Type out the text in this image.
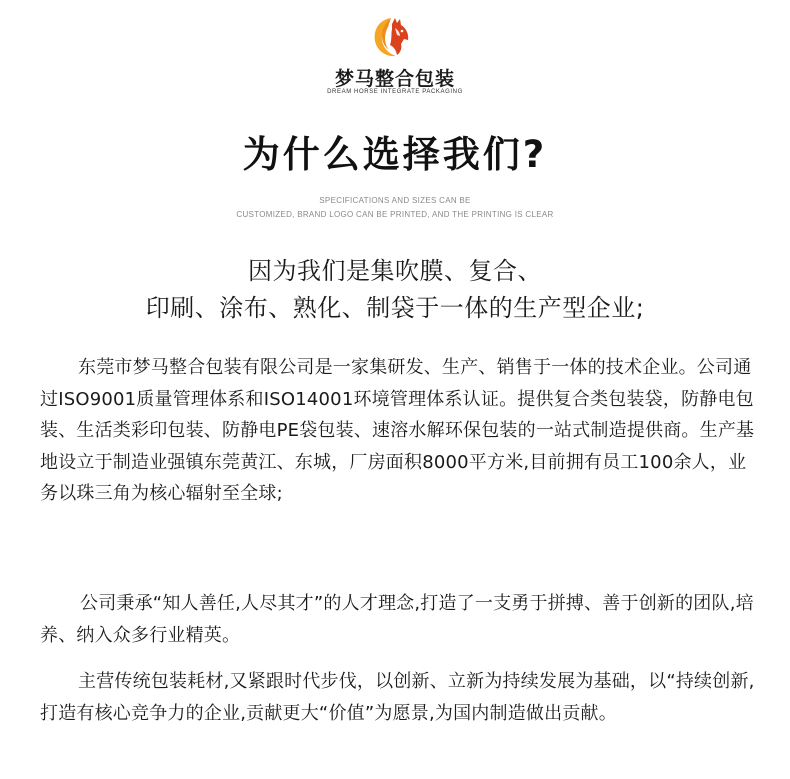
梦马整合包装
DREAM HORSE INTEGRATE PACKAGING
为什么选择我们?
SPECIFICATIONS AND SIZES CAN BE
CUSTOMIZED, BRAND LOGO CAN BE PRINTED, AND THE PRINTING IS CLEAR
因为我们是集吹膜、复合、
印刷、涂布、熟化、制袋于一体的生产型企业;

东莞市梦马整合包装有限公司是一家集研发、生产、销售于一体的技术企业。公司通过ISO9001质量管理体系和ISO14001环境管理体系认证。提供复合类包装袋，防静电包装、生活类彩印包装、防静电PE袋包装、速溶水解环保包装的一站式制造提供商。生产基地设立于制造业强镇东莞黄江、东城，厂房面积8000平方米,目前拥有员工100余人，业务以珠三角为核心辐射至全球;

公司秉承“知人善任,人尽其才”的人才理念,打造了一支勇于拼搏、善于创新的团队,培养、纳入众多行业精英。

主营传统包装耗材,又紧跟时代步伐，以创新、立新为持续发展为基础，以“持续创新,打造有核心竞争力的企业,贡献更大“价值”为愿景,为国内制造做出贡献。
